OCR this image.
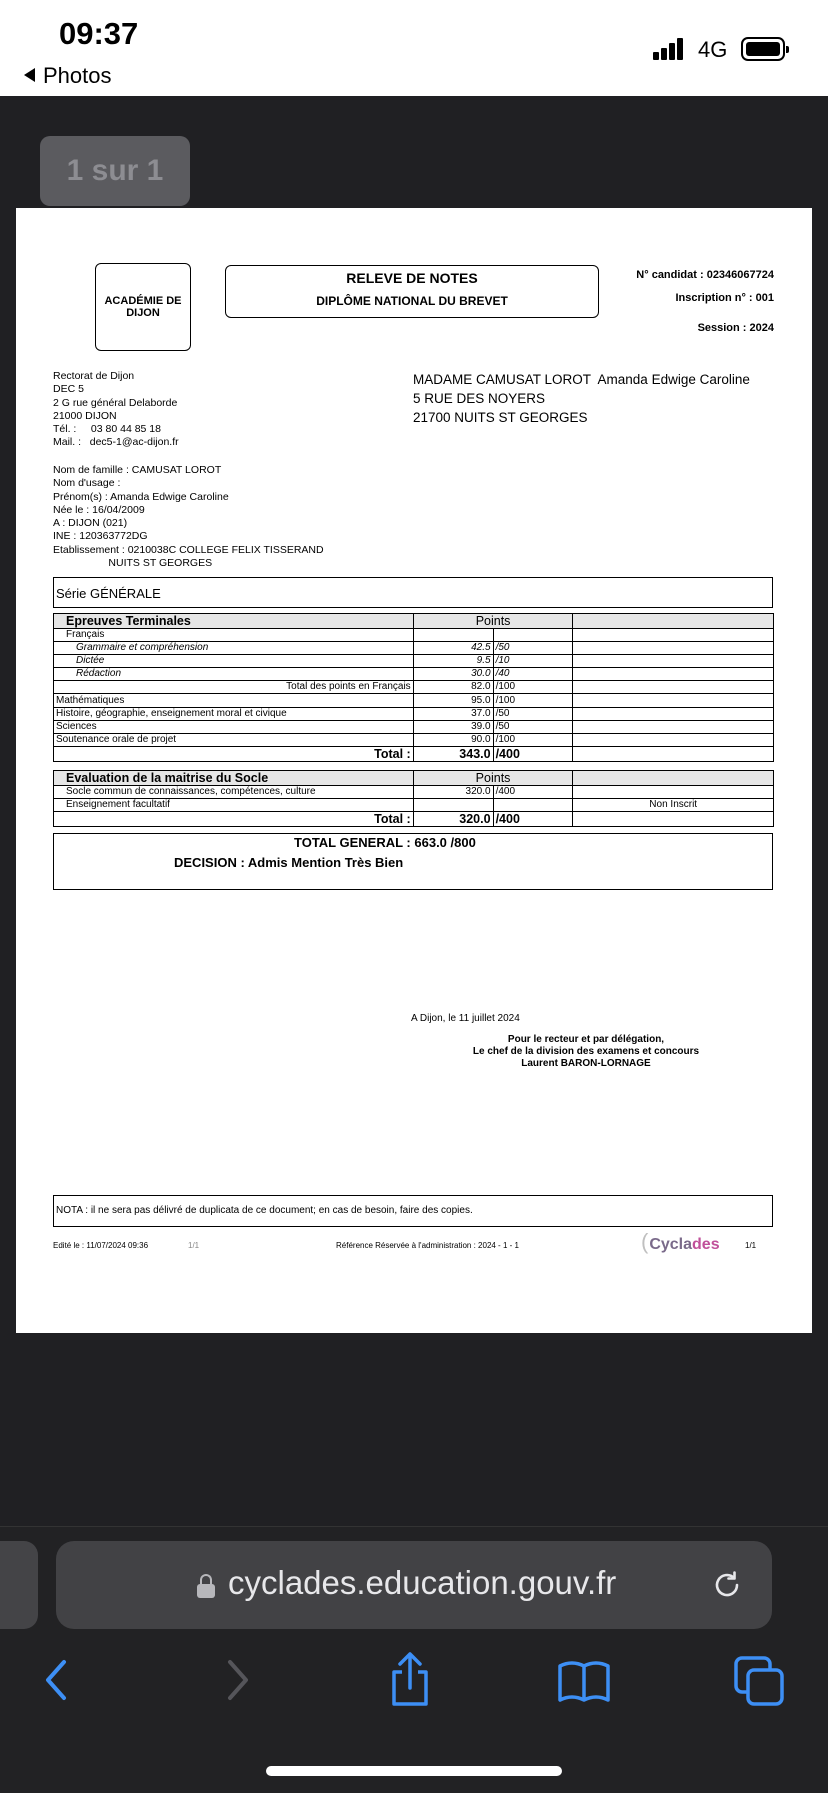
09:37
Photos
4G
1 sur 1
ACADÉMIE DE DIJON
RELEVE DE NOTES
DIPLÔME NATIONAL DU BREVET
N° candidat : 02346067724
Inscription n° : 001
Session : 2024
Rectorat de Dijon
DEC 5
2 G rue général Delaborde
21000 DIJON
Tél. :     03 80 44 85 18
Mail. :   dec5-1@ac-dijon.fr
MADAME CAMUSAT LOROT  Amanda Edwige Caroline
5 RUE DES NOYERS
21700 NUITS ST GEORGES
Nom de famille : CAMUSAT LOROT
Nom d'usage :
Prénom(s) : Amanda Edwige Caroline
Née le : 16/04/2009
A : DIJON (021)
INE : 120363772DG
Etablissement : 0210038C COLLEGE FELIX TISSERAND
NUITS ST GEORGES
Série GÉNÉRALE
Epreuves Terminales	Points		
Français			
Grammaire et compréhension	42.5	/50	
Dictée	9.5	/10	
Rédaction	30.0	/40	
Total des points en Français	82.0	/100	
Mathématiques	95.0	/100	
Histoire, géographie, enseignement moral et civique	37.0	/50	
Sciences	39.0	/50	
Soutenance orale de projet	90.0	/100	
Total :	343.0	/400	
Evaluation de la maitrise du Socle	Points		
Socle commun de connaissances, compétences, culture	320.0	/400	
Enseignement facultatif			Non Inscrit
Total :	320.0	/400	
TOTAL GENERAL : 663.0 /800
DECISION : Admis Mention Très Bien
A Dijon, le 11 juillet 2024
Pour le recteur et par délégation,
Le chef de la division des examens et concours
Laurent BARON-LORNAGE
NOTA : il ne sera pas délivré de duplicata de ce document; en cas de besoin, faire des copies.
Edité le : 11/07/2024 09:36	1/1	Référence Réservée à l'administration : 2024 - 1 - 1	(Cyclades	1/1
cyclades.education.gouv.fr
